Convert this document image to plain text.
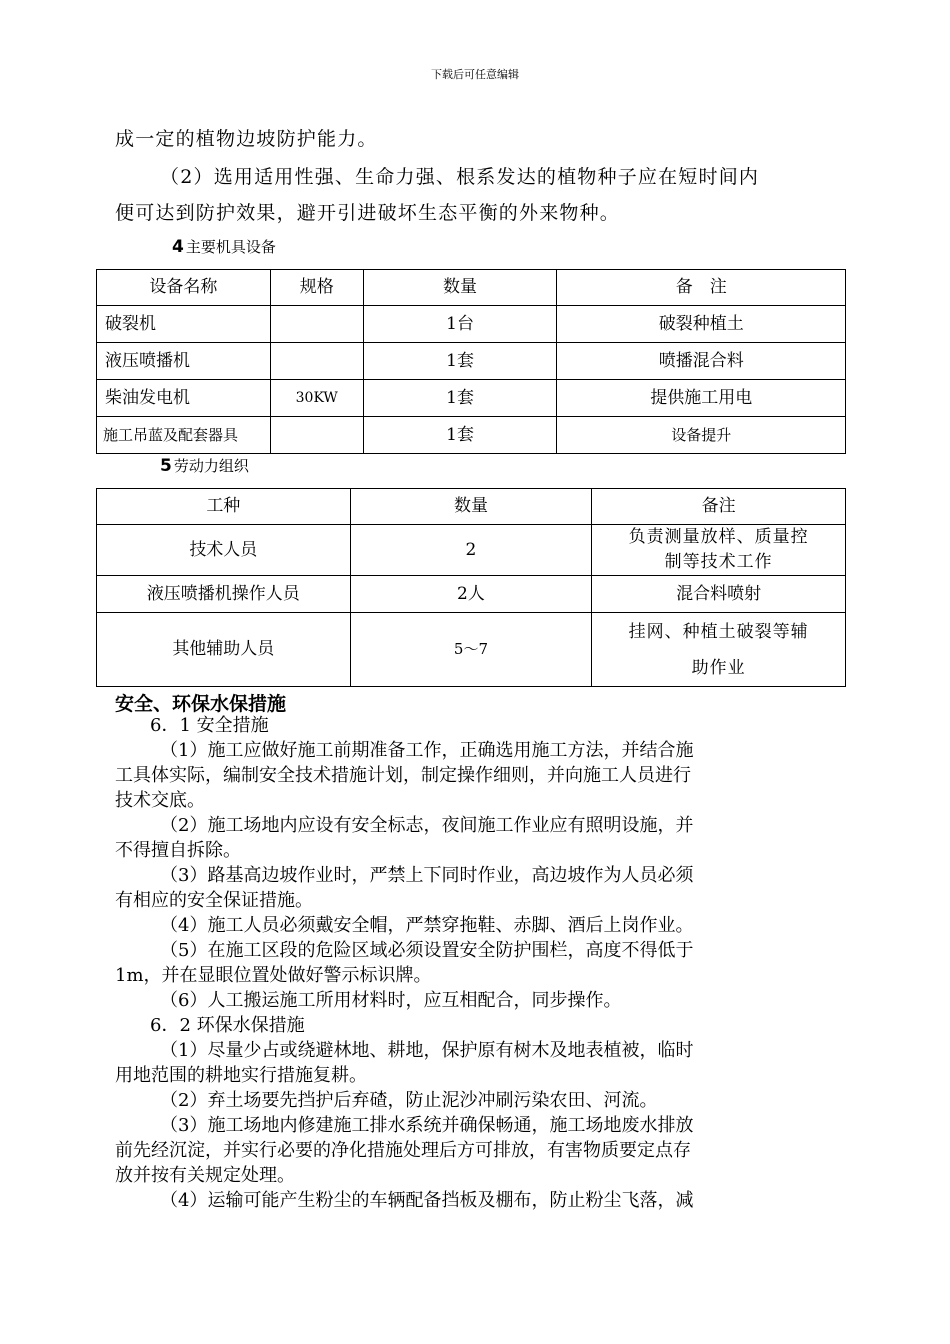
下载后可任意编辑
成一定的植物边坡防护能力。
（2）选用适用性强、生命力强、根系发达的植物种子应在短时间内
便可达到防护效果，避开引进破坏生态平衡的外来物种。
4 主要机具设备
设备名称	规格	数量	备　注
破裂机		1台	破裂种植土
液压喷播机		1套	喷播混合料
柴油发电机	30KW	1套	提供施工用电
施工吊蓝及配套器具		1套	设备提升
5 劳动力组织
工种	数量	备注
技术人员	2	负责测量放样、质量控
制等技术工作

液压喷播机操作人员	2人	混合料喷射
其他辅助人员	5～7	挂网、种植土破裂等辅
助作业
安全、环保水保措施
6．1 安全措施
（1）施工应做好施工前期准备工作，正确选用施工方法，并结合施
工具体实际，编制安全技术措施计划，制定操作细则，并向施工人员进行
技术交底。
（2）施工场地内应设有安全标志，夜间施工作业应有照明设施，并
不得擅自拆除。
（3）路基高边坡作业时，严禁上下同时作业，高边坡作为人员必须
有相应的安全保证措施。
（4）施工人员必须戴安全帽，严禁穿拖鞋、赤脚、酒后上岗作业。
（5）在施工区段的危险区域必须设置安全防护围栏，高度不得低于
1m，并在显眼位置处做好警示标识牌。
（6）人工搬运施工所用材料时，应互相配合，同步操作。
6．2 环保水保措施
（1）尽量少占或绕避林地、耕地，保护原有树木及地表植被，临时
用地范围的耕地实行措施复耕。
（2）弃土场要先挡护后弃碴，防止泥沙冲刷污染农田、河流。
（3）施工场地内修建施工排水系统并确保畅通，施工场地废水排放
前先经沉淀，并实行必要的净化措施处理后方可排放，有害物质要定点存
放并按有关规定处理。
（4）运输可能产生粉尘的车辆配备挡板及棚布，防止粉尘飞落，减
